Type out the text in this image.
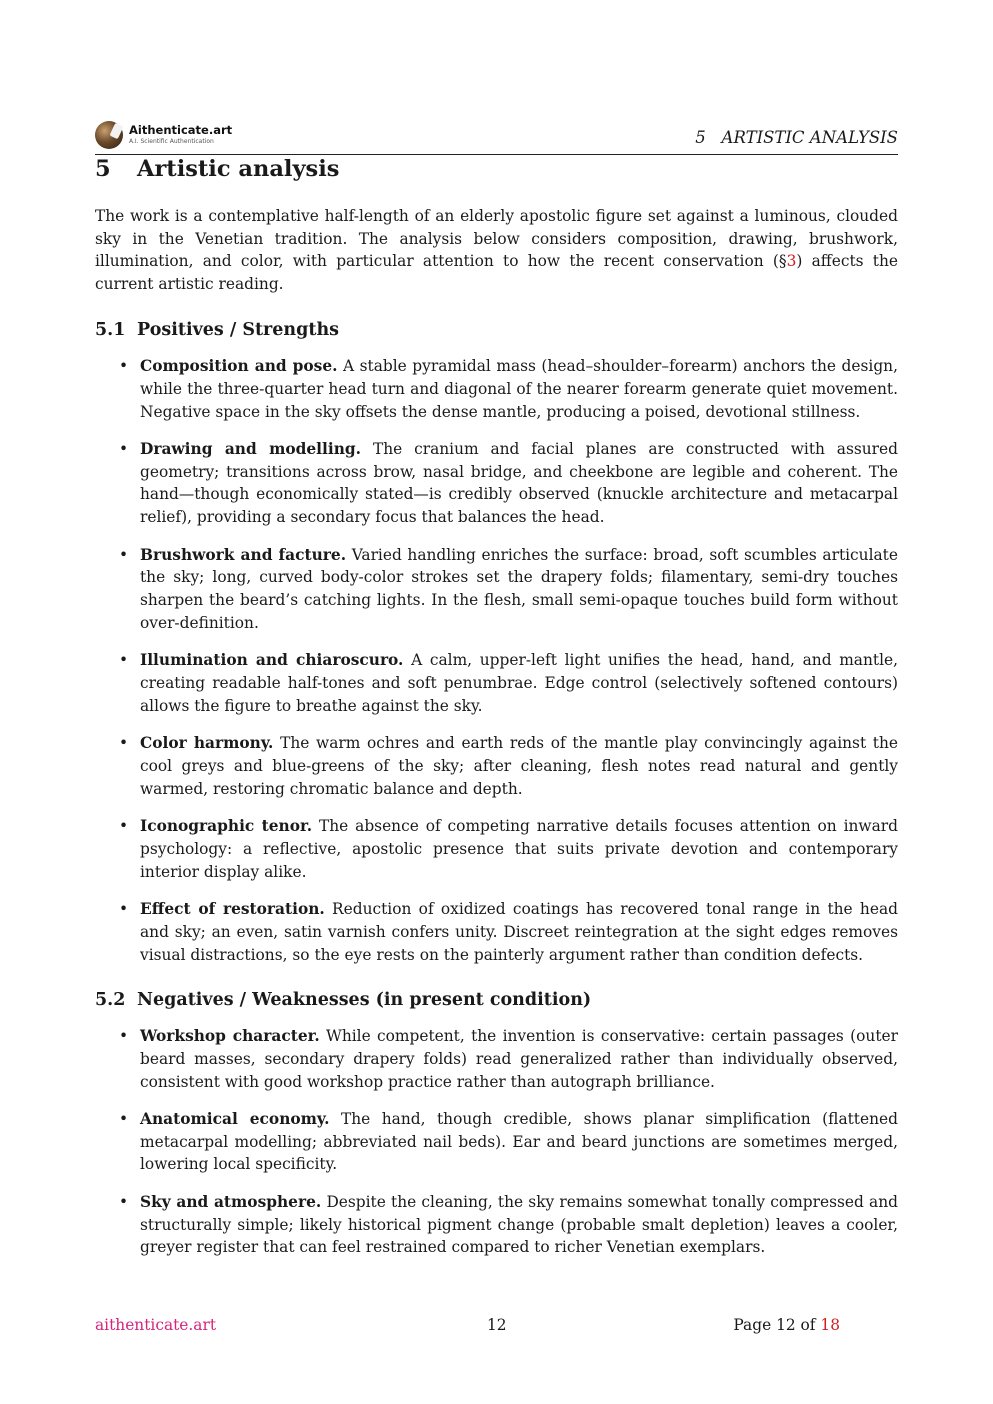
Aithenticate.art
A.I. Scientific Authentication	5   ARTISTIC ANALYSIS
5 Artistic analysis

The work is a contemplative half-length of an elderly apostolic figure set against a luminous, clouded sky in the Venetian tradition. The analysis below considers composition, drawing, brushwork, illumination, and color, with particular attention to how the recent conservation (§3) affects the current artistic reading.

5.1 Positives / Strengths
• Composition and pose. A stable pyramidal mass (head–shoulder–forearm) anchors the design, while the three-quarter head turn and diagonal of the nearer forearm generate quiet movement. Negative space in the sky offsets the dense mantle, producing a poised, devotional stillness.
• Drawing and modelling. The cranium and facial planes are constructed with assured geometry; transitions across brow, nasal bridge, and cheekbone are legible and coherent. The hand—though economically stated—is credibly observed (knuckle architecture and metacarpal relief), providing a secondary focus that balances the head.
• Brushwork and facture. Varied handling enriches the surface: broad, soft scumbles articulate the sky; long, curved body-color strokes set the drapery folds; filamentary, semi-dry touches sharpen the beard’s catching lights. In the flesh, small semi-opaque touches build form without over-definition.
• Illumination and chiaroscuro. A calm, upper-left light unifies the head, hand, and mantle, creating readable half-tones and soft penumbrae. Edge control (selectively softened contours) allows the figure to breathe against the sky.
• Color harmony. The warm ochres and earth reds of the mantle play convincingly against the cool greys and blue-greens of the sky; after cleaning, flesh notes read natural and gently warmed, restoring chromatic balance and depth.
• Iconographic tenor. The absence of competing narrative details focuses attention on inward psychology: a reflective, apostolic presence that suits private devotion and contemporary interior display alike.
• Effect of restoration. Reduction of oxidized coatings has recovered tonal range in the head and sky; an even, satin varnish confers unity. Discreet reintegration at the sight edges removes visual distractions, so the eye rests on the painterly argument rather than condition defects.
5.2 Negatives / Weaknesses (in present condition)
• Workshop character. While competent, the invention is conservative: certain passages (outer beard masses, secondary drapery folds) read generalized rather than individually observed, consistent with good workshop practice rather than autograph brilliance.
• Anatomical economy. The hand, though credible, shows planar simplification (flattened metacarpal modelling; abbreviated nail beds). Ear and beard junctions are sometimes merged, lowering local specificity.
• Sky and atmosphere. Despite the cleaning, the sky remains somewhat tonally compressed and structurally simple; likely historical pigment change (probable smalt depletion) leaves a cooler, greyer register that can feel restrained compared to richer Venetian exemplars.
aithenticate.art	12	Page 12 of 18
